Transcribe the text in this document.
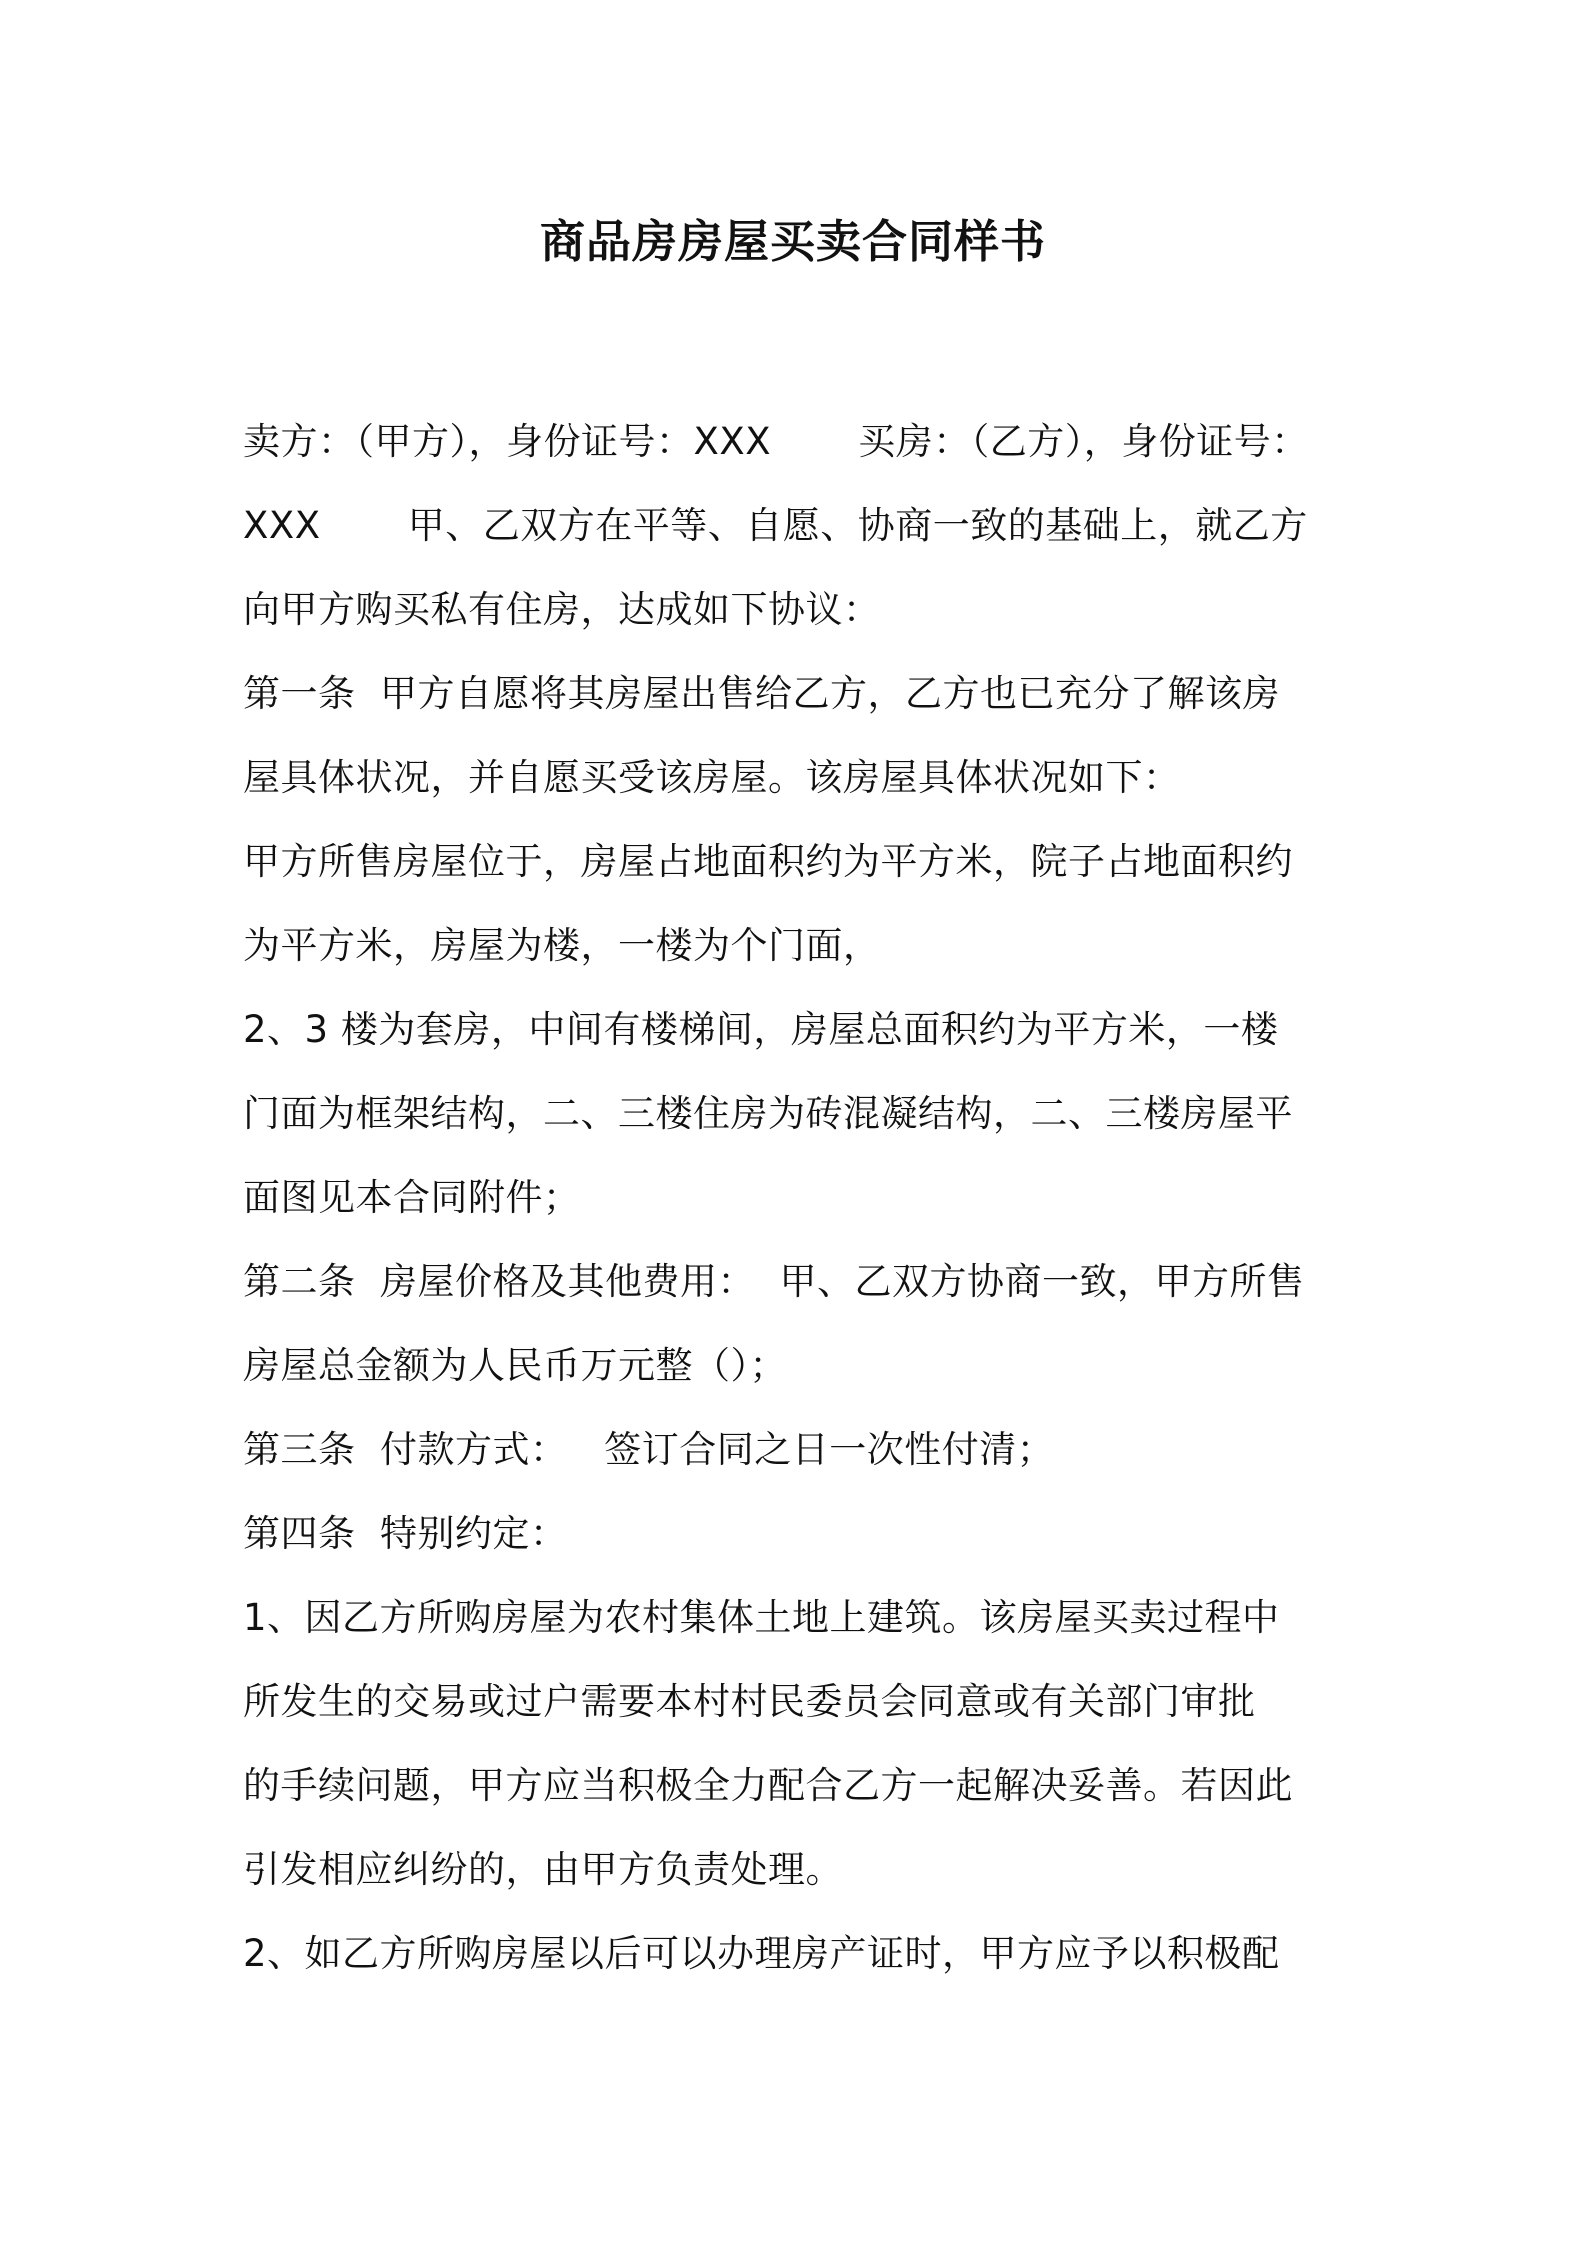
商品房房屋买卖合同样书
卖方：（甲方），身份证号：XXX　　 买房：（乙方），身份证号：
XXX　　 甲、乙双方在平等、自愿、协商一致的基础上，就乙方
向甲方购买私有住房，达成如下协议：
第一条  甲方自愿将其房屋出售给乙方，乙方也已充分了解该房
屋具体状况，并自愿买受该房屋。该房屋具体状况如下：
甲方所售房屋位于，房屋占地面积约为平方米，院子占地面积约
为平方米，房屋为楼，一楼为个门面，
2、3 楼为套房，中间有楼梯间，房屋总面积约为平方米，一楼
门面为框架结构，二、三楼住房为砖混凝结构，二、三楼房屋平
面图见本合同附件；
第二条  房屋价格及其他费用：  甲、乙双方协商一致，甲方所售
房屋总金额为人民币万元整（）；
第三条  付款方式：   签订合同之日一次性付清；
第四条  特别约定：
1、因乙方所购房屋为农村集体土地上建筑。该房屋买卖过程中
所发生的交易或过户需要本村村民委员会同意或有关部门审批
的手续问题，甲方应当积极全力配合乙方一起解决妥善。若因此
引发相应纠纷的，由甲方负责处理。
2、如乙方所购房屋以后可以办理房产证时，甲方应予以积极配
